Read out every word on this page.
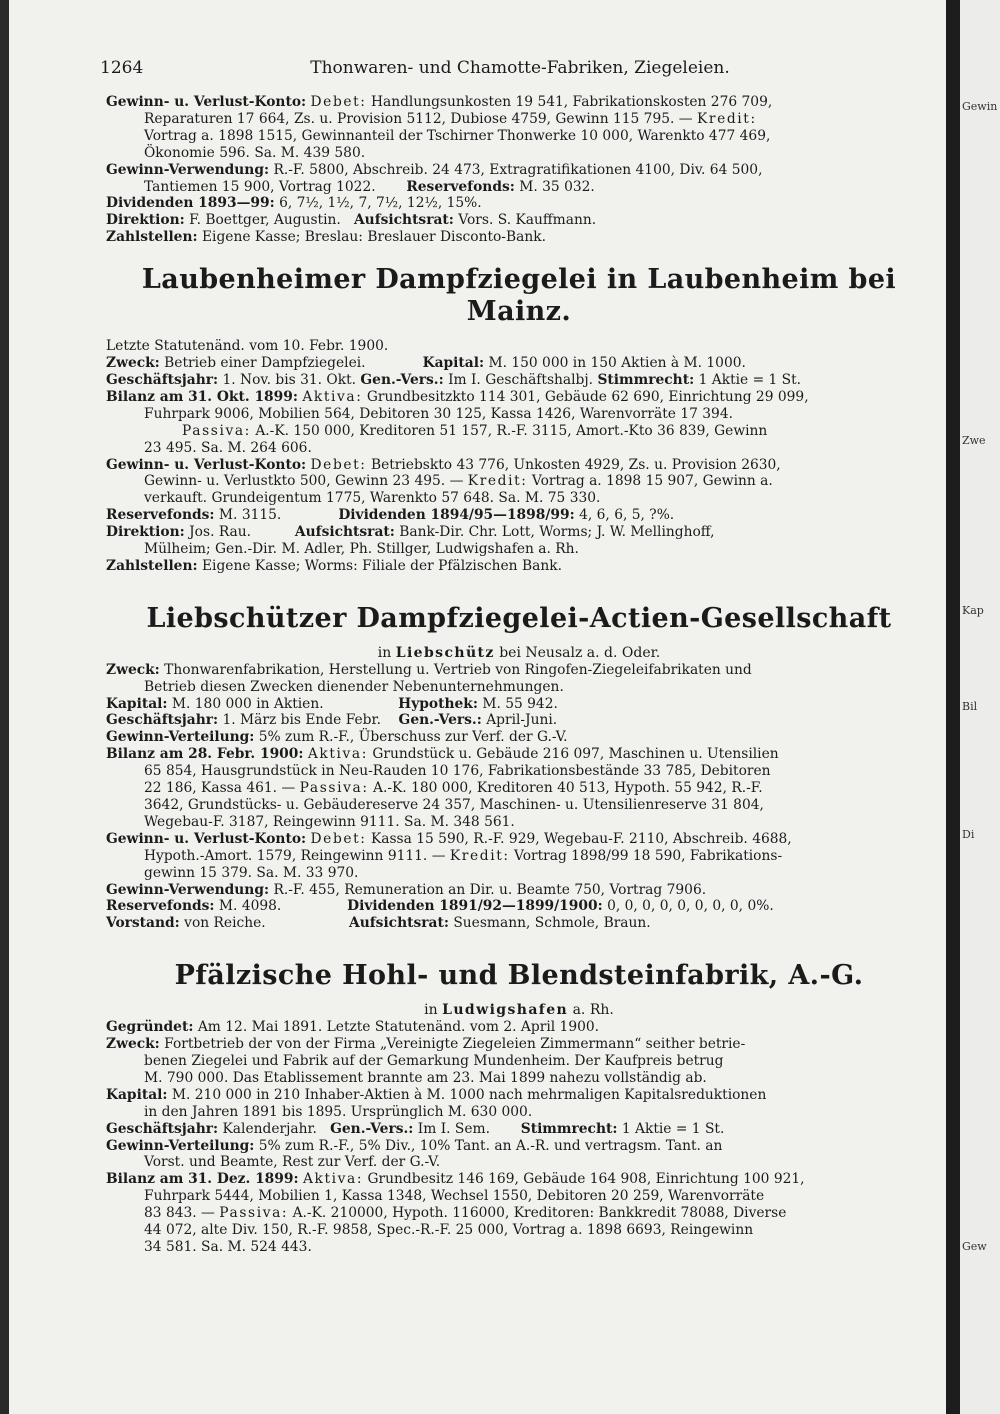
Gewin
Zwe
Kap
Bil
Di
Gew
1264	Thonwaren- und Chamotte-Fabriken, Ziegeleien.

Gewinn- u. Verlust-Konto: Debet: Handlungsunkosten 19 541, Fabrikationskosten 276 709,

Reparaturen 17 664, Zs. u. Provision 5112, Dubiose 4759, Gewinn 115 795. — Kredit:

Vortrag a. 1898 1515, Gewinnanteil der Tschirner Thonwerke 10 000, Warenkto 477 469,

Ökonomie 596. Sa. M. 439 580.

Gewinn-Verwendung: R.-F. 5800, Abschreib. 24 473, Extragratifikationen 4100, Div. 64 500,

Tantiemen 15 900, Vortrag 1022. Reservefonds: M. 35 032.

Dividenden 1893—99: 6, 7½, 1½, 7, 7½, 12½, 15%.

Direktion: F. Boettger, Augustin. Aufsichtsrat: Vors. S. Kauffmann.

Zahlstellen: Eigene Kasse; Breslau: Breslauer Disconto-Bank.

Laubenheimer Dampfziegelei in Laubenheim bei Mainz.

Letzte Statutenänd. vom 10. Febr. 1900.

Zweck: Betrieb einer Dampfziegelei.	Kapital: M. 150 000 in 150 Aktien à M. 1000.

Geschäftsjahr: 1. Nov. bis 31. Okt. Gen.-Vers.: Im I. Geschäftshalbj. Stimmrecht: 1 Aktie = 1 St.

Bilanz am 31. Okt. 1899: Aktiva: Grundbesitzkto 114 301, Gebäude 62 690, Einrichtung 29 099,

Fuhrpark 9006, Mobilien 564, Debitoren 30 125, Kassa 1426, Warenvorräte 17 394.

Passiva: A.-K. 150 000, Kreditoren 51 157, R.-F. 3115, Amort.-Kto 36 839, Gewinn

23 495. Sa. M. 264 606.

Gewinn- u. Verlust-Konto: Debet: Betriebskto 43 776, Unkosten 4929, Zs. u. Provision 2630,

Gewinn- u. Verlustkto 500, Gewinn 23 495. — Kredit: Vortrag a. 1898 15 907, Gewinn a.

verkauft. Grundeigentum 1775, Warenkto 57 648. Sa. M. 75 330.

Reservefonds: M. 3115.	Dividenden 1894/95—1898/99: 4, 6, 6, 5, ?%.

Direktion: Jos. Rau.	Aufsichtsrat: Bank-Dir. Chr. Lott, Worms; J. W. Mellinghoff,

Mülheim; Gen.-Dir. M. Adler, Ph. Stillger, Ludwigshafen a. Rh.

Zahlstellen: Eigene Kasse; Worms: Filiale der Pfälzischen Bank.

Liebschützer Dampfziegelei-Actien-Gesellschaft

in Liebschütz bei Neusalz a. d. Oder.

Zweck: Thonwarenfabrikation, Herstellung u. Vertrieb von Ringofen-Ziegeleifabrikaten und

Betrieb diesen Zwecken dienender Nebenunternehmungen.

Kapital: M. 180 000 in Aktien.	Hypothek: M. 55 942.

Geschäftsjahr: 1. März bis Ende Febr. Gen.-Vers.: April-Juni.

Gewinn-Verteilung: 5% zum R.-F., Überschuss zur Verf. der G.-V.

Bilanz am 28. Febr. 1900: Aktiva: Grundstück u. Gebäude 216 097, Maschinen u. Utensilien

65 854, Hausgrundstück in Neu-Rauden 10 176, Fabrikationsbestände 33 785, Debitoren

22 186, Kassa 461. — Passiva: A.-K. 180 000, Kreditoren 40 513, Hypoth. 55 942, R.-F.

3642, Grundstücks- u. Gebäudereserve 24 357, Maschinen- u. Utensilienreserve 31 804,

Wegebau-F. 3187, Reingewinn 9111. Sa. M. 348 561.

Gewinn- u. Verlust-Konto: Debet: Kassa 15 590, R.-F. 929, Wegebau-F. 2110, Abschreib. 4688,

Hypoth.-Amort. 1579, Reingewinn 9111. — Kredit: Vortrag 1898/99 18 590, Fabrikations-

gewinn 15 379. Sa. M. 33 970.

Gewinn-Verwendung: R.-F. 455, Remuneration an Dir. u. Beamte 750, Vortrag 7906.

Reservefonds: M. 4098.	Dividenden 1891/92—1899/1900: 0, 0, 0, 0, 0, 0, 0, 0, 0%.

Vorstand: von Reiche.	Aufsichtsrat: Suesmann, Schmole, Braun.

Pfälzische Hohl- und Blendsteinfabrik, A.-G.

in Ludwigshafen a. Rh.

Gegründet: Am 12. Mai 1891. Letzte Statutenänd. vom 2. April 1900.

Zweck: Fortbetrieb der von der Firma „Vereinigte Ziegeleien Zimmermann“ seither betrie-

benen Ziegelei und Fabrik auf der Gemarkung Mundenheim. Der Kaufpreis betrug

M. 790 000. Das Etablissement brannte am 23. Mai 1899 nahezu vollständig ab.

Kapital: M. 210 000 in 210 Inhaber-Aktien à M. 1000 nach mehrmaligen Kapitalsreduktionen

in den Jahren 1891 bis 1895. Ursprünglich M. 630 000.

Geschäftsjahr: Kalenderjahr. Gen.-Vers.: Im I. Sem. Stimmrecht: 1 Aktie = 1 St.

Gewinn-Verteilung: 5% zum R.-F., 5% Div., 10% Tant. an A.-R. und vertragsm. Tant. an

Vorst. und Beamte, Rest zur Verf. der G.-V.

Bilanz am 31. Dez. 1899: Aktiva: Grundbesitz 146 169, Gebäude 164 908, Einrichtung 100 921,

Fuhrpark 5444, Mobilien 1, Kassa 1348, Wechsel 1550, Debitoren 20 259, Warenvorräte

83 843. — Passiva: A.-K. 210000, Hypoth. 116000, Kreditoren: Bankkredit 78088, Diverse

44 072, alte Div. 150, R.-F. 9858, Spec.-R.-F. 25 000, Vortrag a. 1898 6693, Reingewinn

34 581. Sa. M. 524 443.
